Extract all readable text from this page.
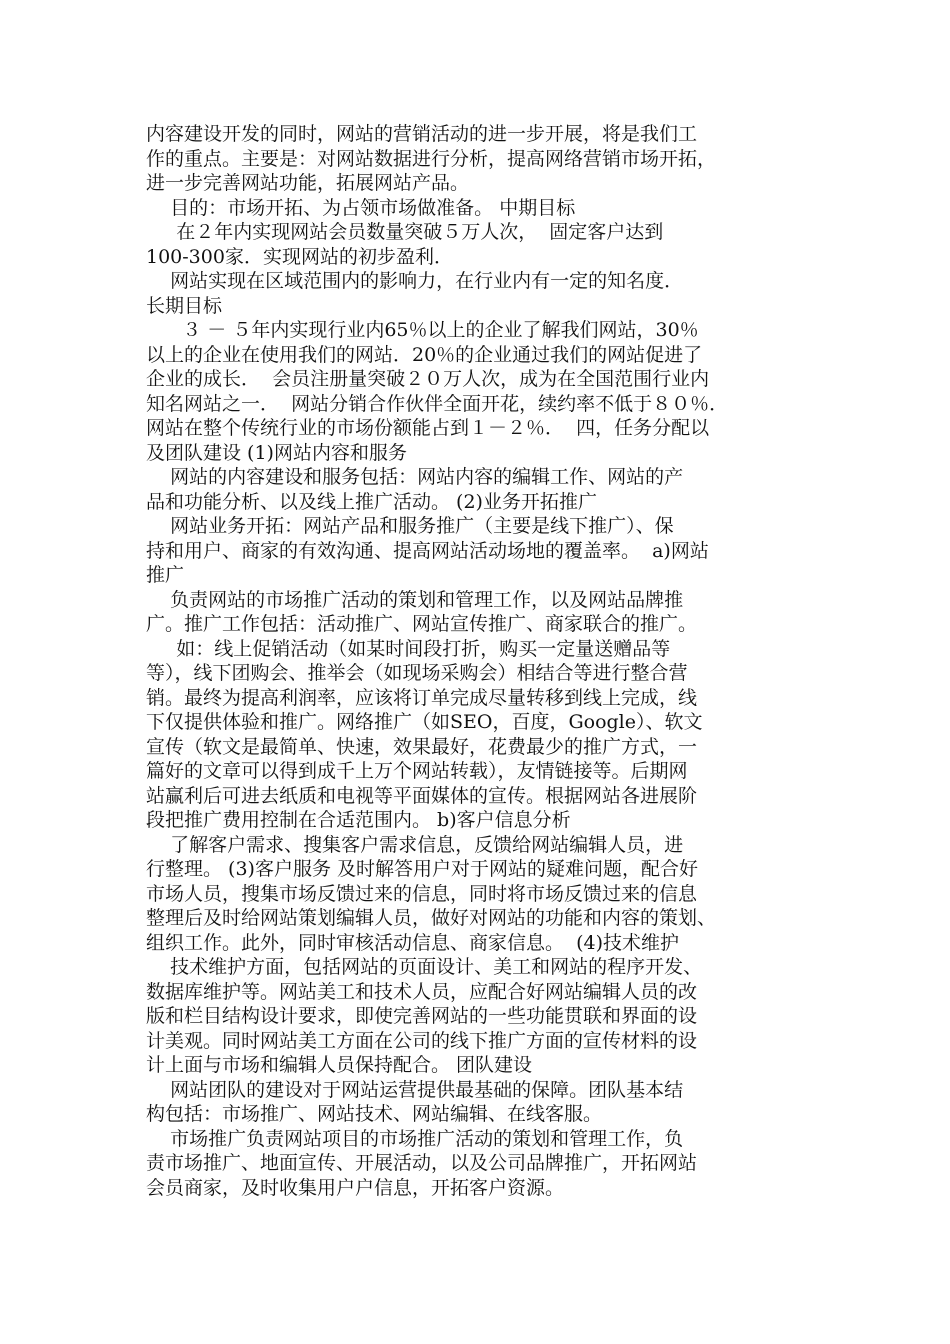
内容建设开发的同时，网站的营销活动的进一步开展，将是我们工
作的重点。主要是：对网站数据进行分析，提高网络营销市场开拓，
进一步完善网站功能，拓展网站产品。
目的：市场开拓、为占领市场做准备。 中期目标
在２年内实现网站会员数量突破５万人次，  固定客户达到
100-300家．实现网站的初步盈利．
网站实现在区域范围内的影响力，在行业内有一定的知名度．
长期目标
３ － ５年内实现行业内65％以上的企业了解我们网站，30％
以上的企业在使用我们的网站．20％的企业通过我们的网站促进了
企业的成长．  会员注册量突破２０万人次，成为在全国范围行业内
知名网站之一．  网站分销合作伙伴全面开花，续约率不低于８０％．
网站在整个传统行业的市场份额能占到１－２％．  四，任务分配以
及团队建设 (1)网站内容和服务
网站的内容建设和服务包括：网站内容的编辑工作、网站的产
品和功能分析、以及线上推广活动。 (2)业务开拓推广
网站业务开拓：网站产品和服务推广（主要是线下推广）、保
持和用户、商家的有效沟通、提高网站活动场地的覆盖率。  a)网站
推广
负责网站的市场推广活动的策划和管理工作，以及网站品牌推
广。推广工作包括：活动推广、网站宣传推广、商家联合的推广。
如：线上促销活动（如某时间段打折，购买一定量送赠品等
等），线下团购会、推举会（如现场采购会）相结合等进行整合营
销。最终为提高利润率，应该将订单完成尽量转移到线上完成，线
下仅提供体验和推广。网络推广（如SEO，百度，Google）、软文
宣传（软文是最简单、快速，效果最好，花费最少的推广方式，一
篇好的文章可以得到成千上万个网站转载），友情链接等。后期网
站赢利后可进去纸质和电视等平面媒体的宣传。根据网站各进展阶
段把推广费用控制在合适范围内。 b)客户信息分析
了解客户需求、搜集客户需求信息，反馈给网站编辑人员，进
行整理。 (3)客户服务 及时解答用户对于网站的疑难问题，配合好
市场人员，搜集市场反馈过来的信息，同时将市场反馈过来的信息
整理后及时给网站策划编辑人员，做好对网站的功能和内容的策划、
组织工作。此外，同时审核活动信息、商家信息。  (4)技术维护
技术维护方面，包括网站的页面设计、美工和网站的程序开发、
数据库维护等。网站美工和技术人员，应配合好网站编辑人员的改
版和栏目结构设计要求，即使完善网站的一些功能贯联和界面的设
计美观。同时网站美工方面在公司的线下推广方面的宣传材料的设
计上面与市场和编辑人员保持配合。 团队建设
网站团队的建设对于网站运营提供最基础的保障。团队基本结
构包括：市场推广、网站技术、网站编辑、在线客服。
市场推广负责网站项目的市场推广活动的策划和管理工作，负
责市场推广、地面宣传、开展活动，以及公司品牌推广，开拓网站
会员商家，及时收集用户户信息，开拓客户资源。
